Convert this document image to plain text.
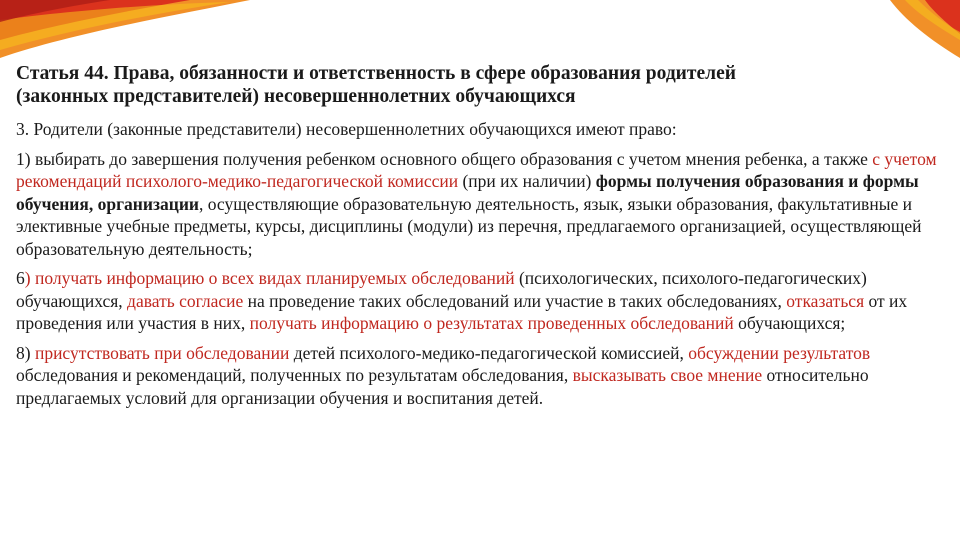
Статья 44. Права, обязанности и ответственность в сфере образования родителей
(законных представителей) несовершеннолетних обучающихся

3. Родители (законные представители) несовершеннолетних обучающихся имеют право:

1) выбирать до завершения получения ребенком основного общего образования с учетом мнения ребенка, а также с учетом рекомендаций психолого-медико-педагогической комиссии (при их наличии) формы получения образования и формы обучения, организации, осуществляющие образовательную деятельность, язык, языки образования, факультативные и элективные учебные предметы, курсы, дисциплины (модули) из перечня, предлагаемого организацией, осуществляющей образовательную деятельность;

6) получать информацию о всех видах планируемых обследований (психологических, психолого-педагогических) обучающихся, давать согласие на проведение таких обследований или участие в таких обследованиях, отказаться от их проведения или участия в них, получать информацию о результатах проведенных обследований обучающихся;

8) присутствовать при обследовании детей психолого-медико-педагогической комиссией, обсуждении результатов обследования и рекомендаций, полученных по результатам обследования, высказывать свое мнение относительно предлагаемых условий для организации обучения и воспитания детей.
